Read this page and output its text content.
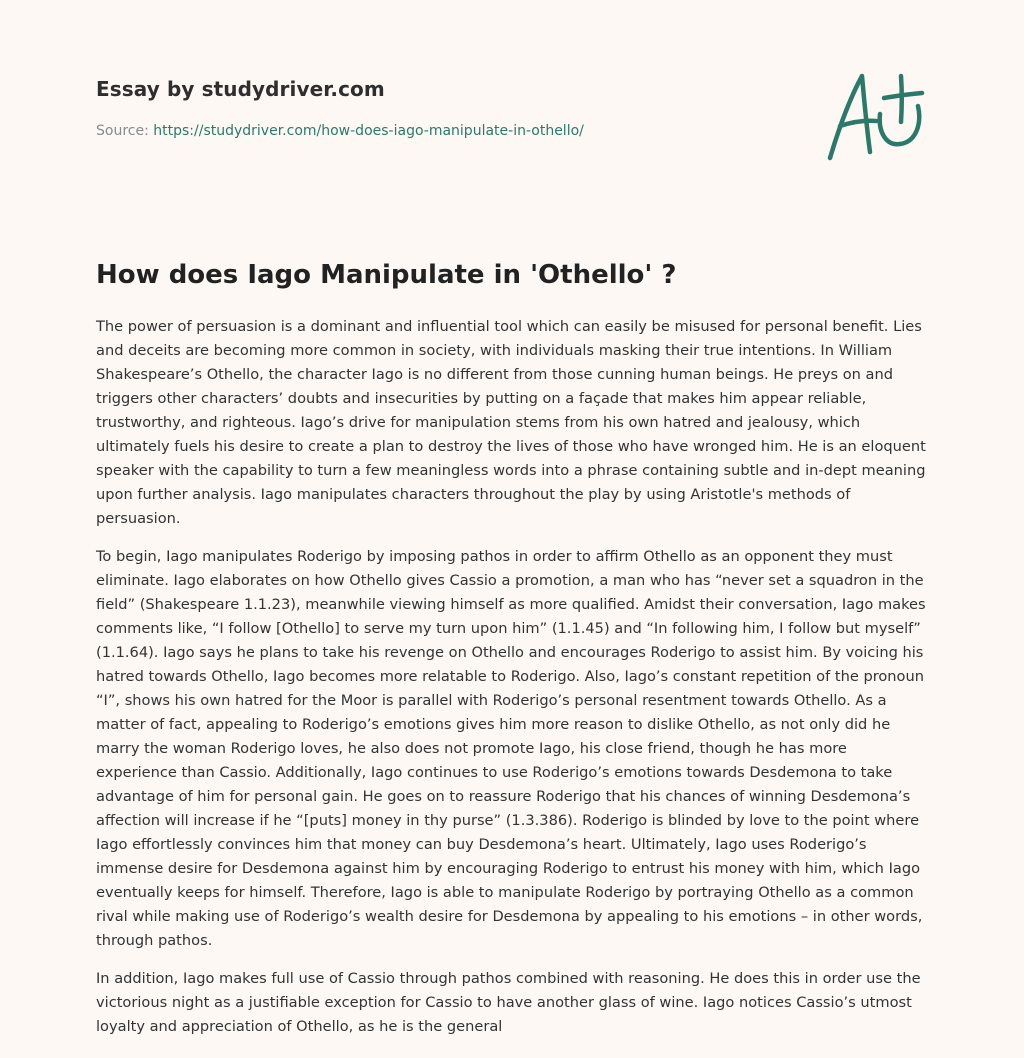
Essay by studydriver.com
Source: https://studydriver.com/how-does-iago-manipulate-in-othello/
How does Iago Manipulate in 'Othello' ?

The power of persuasion is a dominant and influential tool which can easily be misused for personal benefit. Lies and deceits are becoming more common in society, with individuals masking their true intentions. In William Shakespeare’s Othello, the character Iago is no different from those cunning human beings. He preys on and triggers other characters’ doubts and insecurities by putting on a façade that makes him appear reliable, trustworthy, and righteous. Iago’s drive for manipulation stems from his own hatred and jealousy, which ultimately fuels his desire to create a plan to destroy the lives of those who have wronged him. He is an eloquent speaker with the capability to turn a few meaningless words into a phrase containing subtle and in-dept meaning upon further analysis. Iago manipulates characters throughout the play by using Aristotle's methods of persuasion.

To begin, Iago manipulates Roderigo by imposing pathos in order to affirm Othello as an opponent they must eliminate. Iago elaborates on how Othello gives Cassio a promotion, a man who has “never set a squadron in the field” (Shakespeare 1.1.23), meanwhile viewing himself as more qualified. Amidst their conversation, Iago makes comments like, “I follow [Othello] to serve my turn upon him” (1.1.45) and “In following him, I follow but myself” (1.1.64). Iago says he plans to take his revenge on Othello and encourages Roderigo to assist him. By voicing his hatred towards Othello, Iago becomes more relatable to Roderigo. Also, Iago’s constant repetition of the pronoun “I”, shows his own hatred for the Moor is parallel with Roderigo’s personal resentment towards Othello. As a matter of fact, appealing to Roderigo’s emotions gives him more reason to dislike Othello, as not only did he marry the woman Roderigo loves, he also does not promote Iago, his close friend, though he has more experience than Cassio. Additionally, Iago continues to use Roderigo’s emotions towards Desdemona to take advantage of him for personal gain. He goes on to reassure Roderigo that his chances of winning Desdemona’s affection will increase if he “[puts] money in thy purse” (1.3.386). Roderigo is blinded by love to the point where Iago effortlessly convinces him that money can buy Desdemona’s heart. Ultimately, Iago uses Roderigo’s immense desire for Desdemona against him by encouraging Roderigo to entrust his money with him, which Iago eventually keeps for himself. Therefore, Iago is able to manipulate Roderigo by portraying Othello as a common rival while making use of Roderigo’s wealth desire for Desdemona by appealing to his emotions – in other words, through pathos.

In addition, Iago makes full use of Cassio through pathos combined with reasoning. He does this in order use the victorious night as a justifiable exception for Cassio to have another glass of wine. Iago notices Cassio’s utmost loyalty and appreciation of Othello, as he is the general
